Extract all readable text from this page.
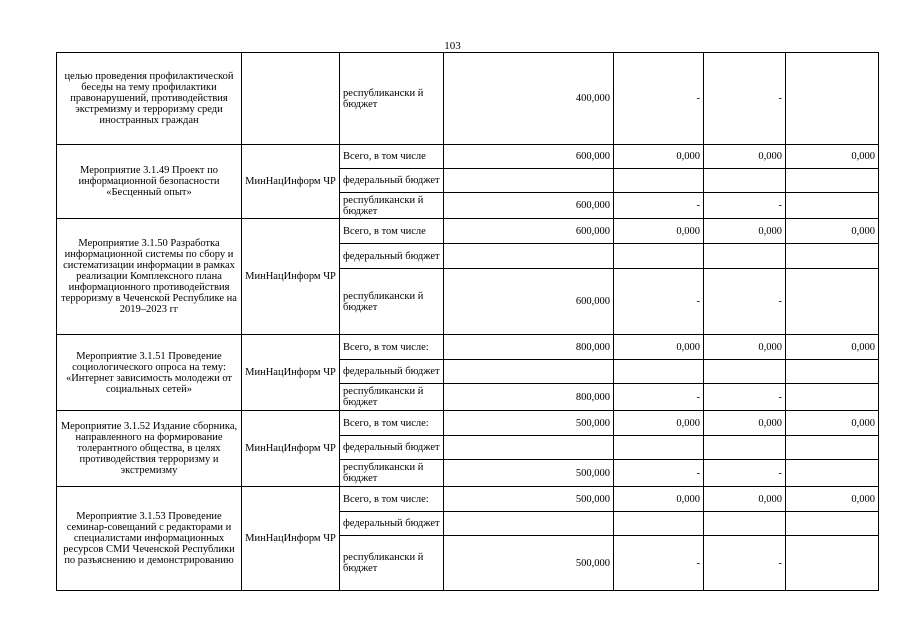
103
целью проведения профилактической беседы на тему профилактики правонарушений, противодействия экстремизму и терроризму среди иностранных граждан		республикански й бюджет	400,000	-	-	
Мероприятие 3.1.49 Проект по информационной безопасности «Бесценный опыт»	МинНацИнформ ЧР	Всего, в том числе	600,000	0,000	0,000	0,000
		федеральный бюджет				
		республикански й бюджет	600,000	-	-	
Мероприятие 3.1.50 Разработка информационной системы по сбору и систематизации информации в рамках реализации Комплексного плана информационного противодействия терроризму в Чеченской Республике на 2019–2023 гг	МинНацИнформ ЧР	Всего, в том числе	600,000	0,000	0,000	0,000
		федеральный бюджет				
		республикански й бюджет	600,000	-	-	
Мероприятие 3.1.51 Проведение социологического опроса на тему: «Интернет зависимость молодежи от социальных сетей»	МинНацИнформ ЧР	Всего, в том числе:	800,000	0,000	0,000	0,000
		федеральный бюджет				
		республикански й бюджет	800,000	-	-	
Мероприятие 3.1.52 Издание сборника, направленного на формирование толерантного общества, в целях противодействия терроризму и экстремизму	МинНацИнформ ЧР	Всего, в том числе:	500,000	0,000	0,000	0,000
		федеральный бюджет				
		республикански й бюджет	500,000	-	-	
Мероприятие 3.1.53 Проведение семинар-совещаний с редакторами и специалистами информационных ресурсов СМИ Чеченской Республики по разъяснению и демонстрированию	МинНацИнформ ЧР	Всего, в том числе:	500,000	0,000	0,000	0,000
		федеральный бюджет				
		республикански й бюджет	500,000	-	-	
